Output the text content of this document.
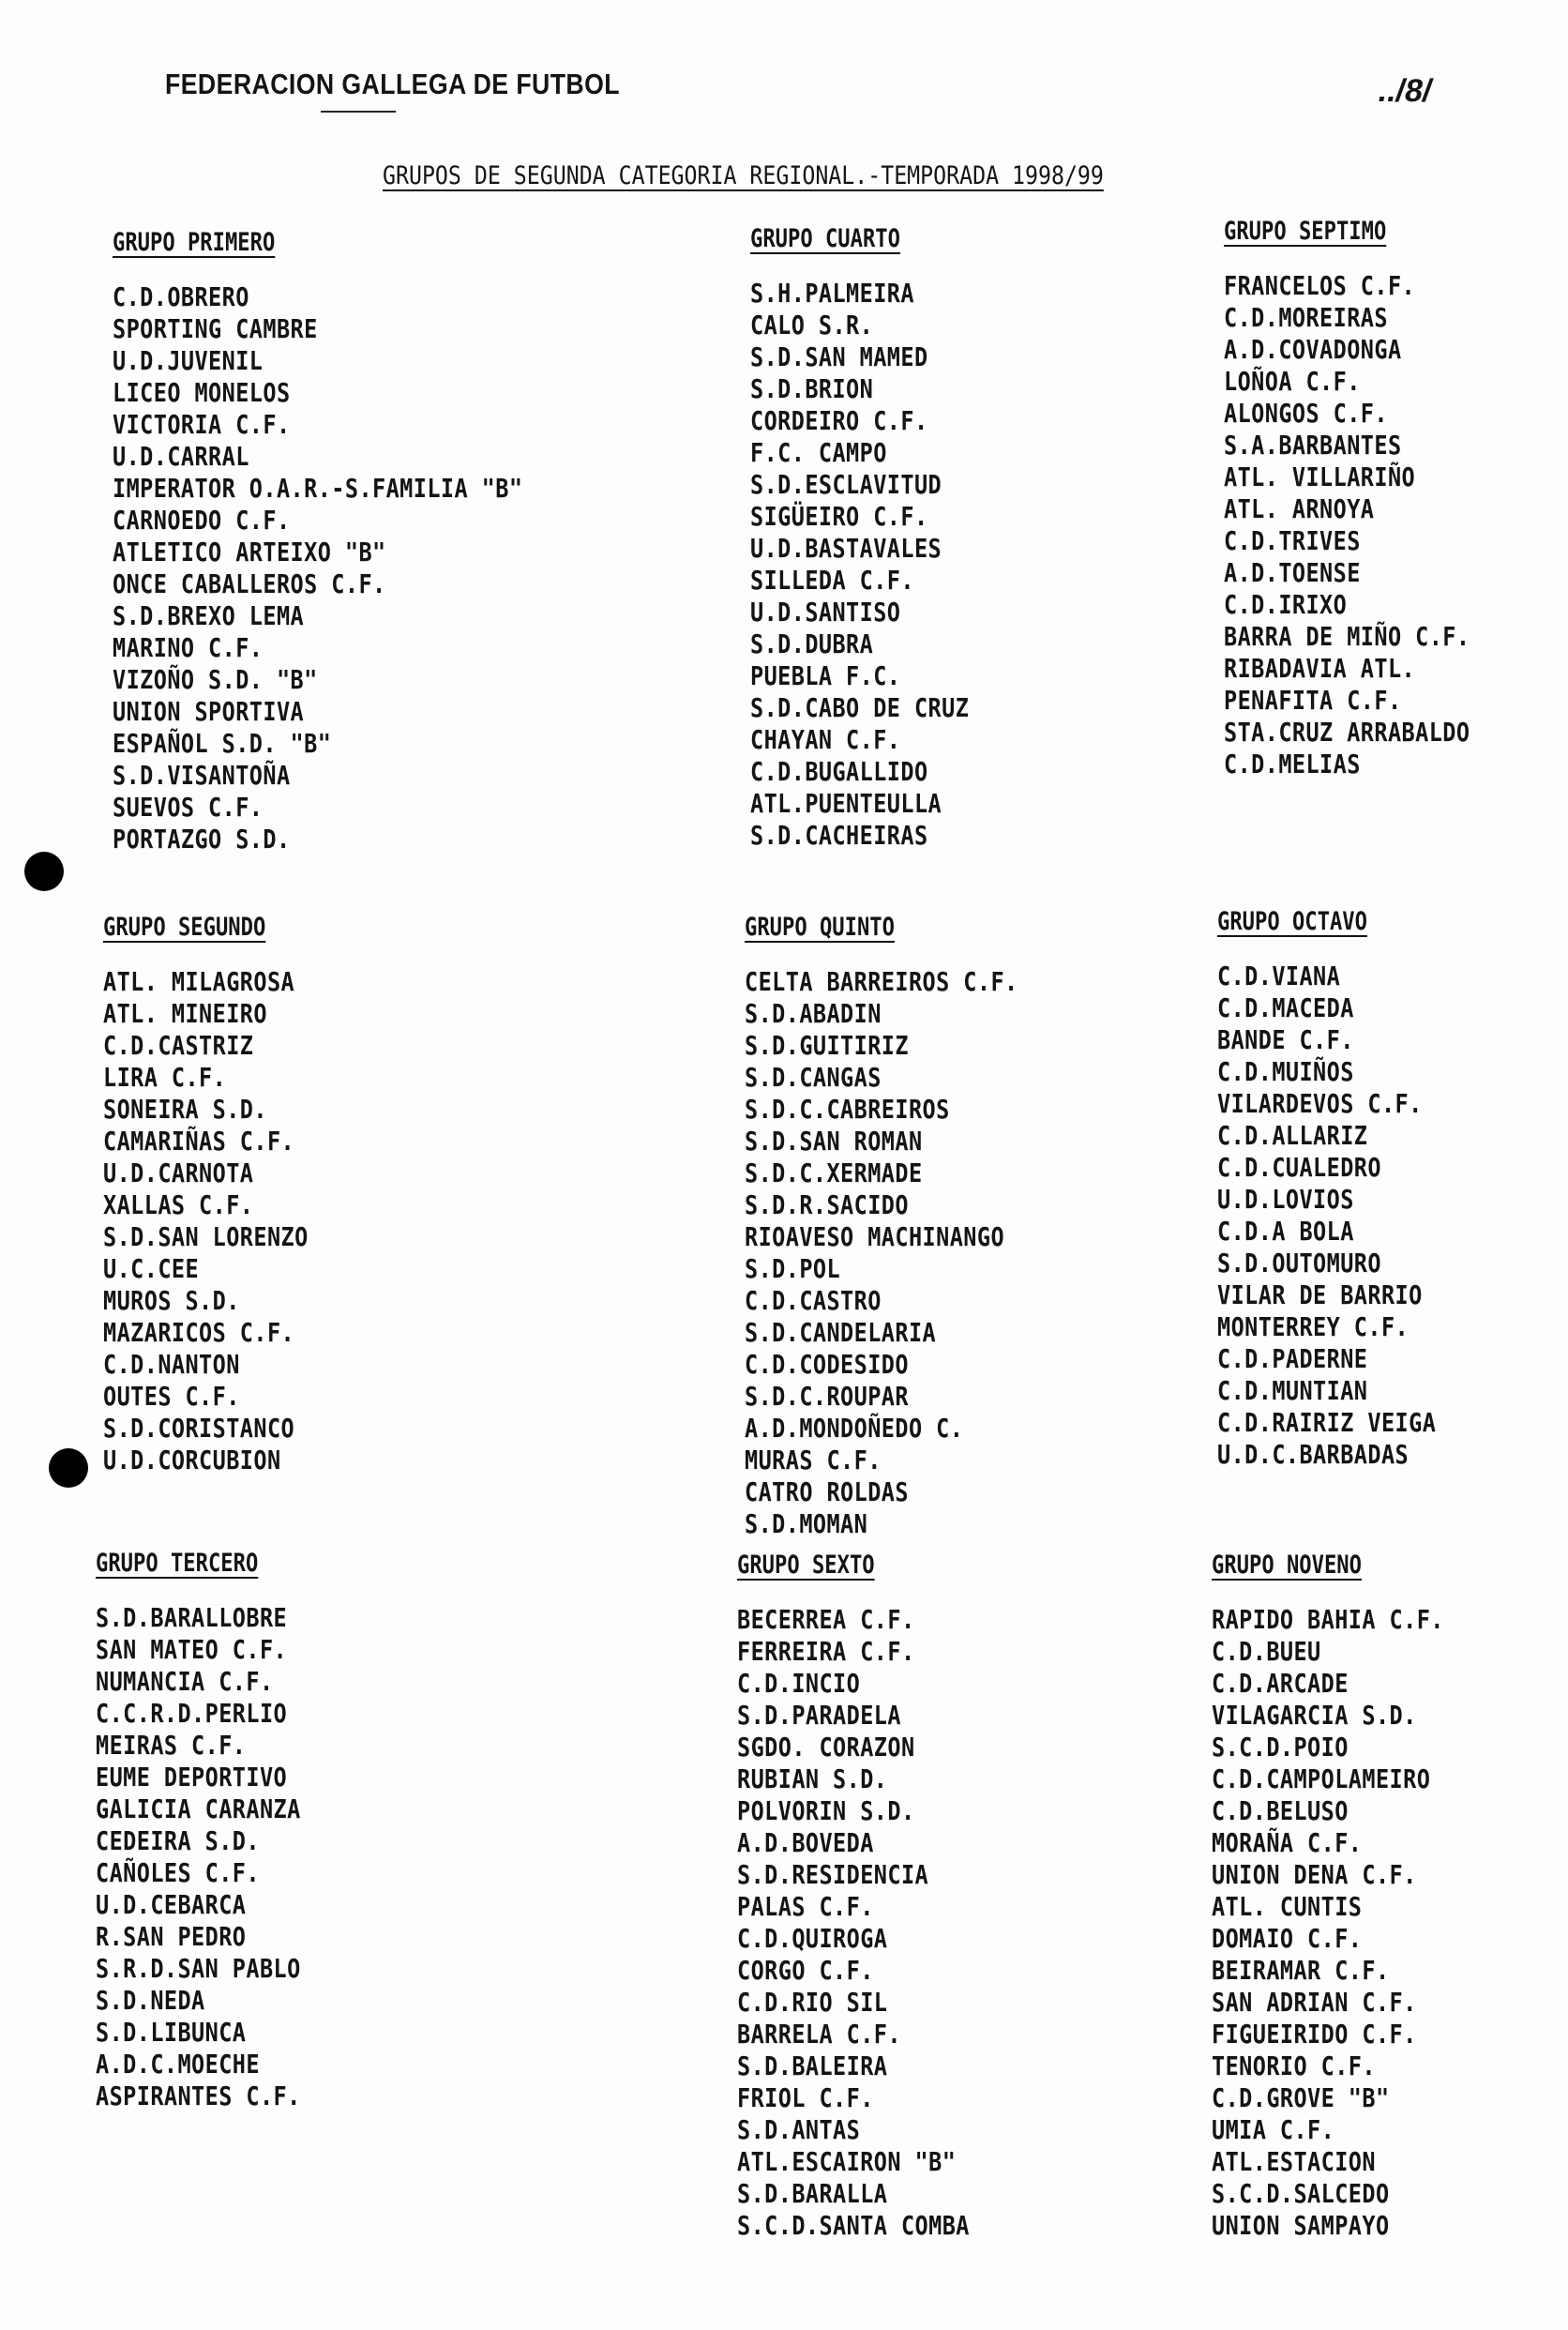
FEDERACION GALLEGA DE FUTBOL	../8/
GRUPOS DE SEGUNDA CATEGORIA REGIONAL.-TEMPORADA 1998/99
GRUPO PRIMERO
C.D.OBRERO
SPORTING CAMBRE
U.D.JUVENIL
LICEO MONELOS
VICTORIA C.F.
U.D.CARRAL
IMPERATOR O.A.R.-S.FAMILIA "B"
CARNOEDO C.F.
ATLETICO ARTEIXO "B"
ONCE CABALLEROS C.F.
S.D.BREXO LEMA
MARINO C.F.
VIZOÑO S.D. "B"
UNION SPORTIVA
ESPAÑOL S.D. "B"
S.D.VISANTOÑA
SUEVOS C.F.
PORTAZGO S.D.
GRUPO CUARTO
S.H.PALMEIRA
CALO S.R.
S.D.SAN MAMED
S.D.BRION
CORDEIRO C.F.
F.C. CAMPO
S.D.ESCLAVITUD
SIGÜEIRO C.F.
U.D.BASTAVALES
SILLEDA C.F.
U.D.SANTISO
S.D.DUBRA
PUEBLA F.C.
S.D.CABO DE CRUZ
CHAYAN C.F.
C.D.BUGALLIDO
ATL.PUENTEULLA
S.D.CACHEIRAS
GRUPO SEPTIMO
FRANCELOS C.F.
C.D.MOREIRAS
A.D.COVADONGA
LOÑOA C.F.
ALONGOS C.F.
S.A.BARBANTES
ATL. VILLARIÑO
ATL. ARNOYA
C.D.TRIVES
A.D.TOENSE
C.D.IRIXO
BARRA DE MIÑO C.F.
RIBADAVIA ATL.
PENAFITA C.F.
STA.CRUZ ARRABALDO
C.D.MELIAS
GRUPO SEGUNDO
ATL. MILAGROSA
ATL. MINEIRO
C.D.CASTRIZ
LIRA C.F.
SONEIRA S.D.
CAMARIÑAS C.F.
U.D.CARNOTA
XALLAS C.F.
S.D.SAN LORENZO
U.C.CEE
MUROS S.D.
MAZARICOS C.F.
C.D.NANTON
OUTES C.F.
S.D.CORISTANCO
U.D.CORCUBION
GRUPO QUINTO
CELTA BARREIROS C.F.
S.D.ABADIN
S.D.GUITIRIZ
S.D.CANGAS
S.D.C.CABREIROS
S.D.SAN ROMAN
S.D.C.XERMADE
S.D.R.SACIDO
RIOAVESO MACHINANGO
S.D.POL
C.D.CASTRO
S.D.CANDELARIA
C.D.CODESIDO
S.D.C.ROUPAR
A.D.MONDOÑEDO C.
MURAS C.F.
CATRO ROLDAS
S.D.MOMAN
GRUPO OCTAVO
C.D.VIANA
C.D.MACEDA
BANDE C.F.
C.D.MUIÑOS
VILARDEVOS C.F.
C.D.ALLARIZ
C.D.CUALEDRO
U.D.LOVIOS
C.D.A BOLA
S.D.OUTOMURO
VILAR DE BARRIO
MONTERREY C.F.
C.D.PADERNE
C.D.MUNTIAN
C.D.RAIRIZ VEIGA
U.D.C.BARBADAS
GRUPO TERCERO
S.D.BARALLOBRE
SAN MATEO C.F.
NUMANCIA C.F.
C.C.R.D.PERLIO
MEIRAS C.F.
EUME DEPORTIVO
GALICIA CARANZA
CEDEIRA S.D.
CAÑOLES C.F.
U.D.CEBARCA
R.SAN PEDRO
S.R.D.SAN PABLO
S.D.NEDA
S.D.LIBUNCA
A.D.C.MOECHE
ASPIRANTES C.F.
GRUPO SEXTO
BECERREA C.F.
FERREIRA C.F.
C.D.INCIO
S.D.PARADELA
SGDO. CORAZON
RUBIAN S.D.
POLVORIN S.D.
A.D.BOVEDA
S.D.RESIDENCIA
PALAS C.F.
C.D.QUIROGA
CORGO C.F.
C.D.RIO SIL
BARRELA C.F.
S.D.BALEIRA
FRIOL C.F.
S.D.ANTAS
ATL.ESCAIRON "B"
S.D.BARALLA
S.C.D.SANTA COMBA
GRUPO NOVENO
RAPIDO BAHIA C.F.
C.D.BUEU
C.D.ARCADE
VILAGARCIA S.D.
S.C.D.POIO
C.D.CAMPOLAMEIRO
C.D.BELUSO
MORAÑA C.F.
UNION DENA C.F.
ATL. CUNTIS
DOMAIO C.F.
BEIRAMAR C.F.
SAN ADRIAN C.F.
FIGUEIRIDO C.F.
TENORIO C.F.
C.D.GROVE "B"
UMIA C.F.
ATL.ESTACION
S.C.D.SALCEDO
UNION SAMPAYO
